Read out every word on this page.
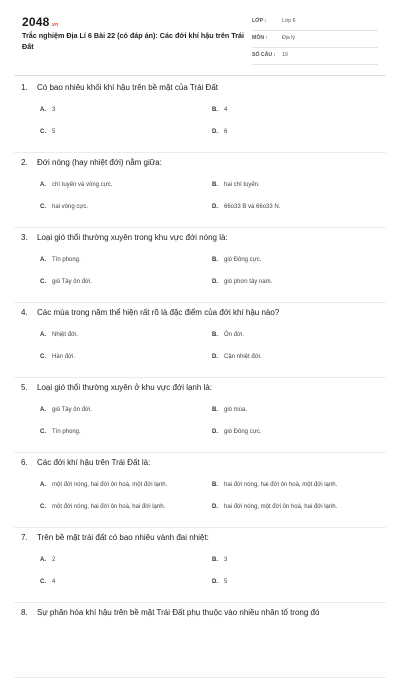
2048.vn
Trắc nghiệm Địa Lí 6 Bài 22 (có đáp án): Các đới khí hậu trên Trái Đất
LỚP :	Lớp 6
MÔN :	Địa lý
SỐ CÂU : 10
1. Có bao nhiêu khối khí hậu trên bề mặt của Trái Đất
A. 3	B. 4
C. 5	D. 6
2. Đới nóng (hay nhiệt đới) nằm giữa:
A. chí tuyến và vòng cực.	B. hai chí tuyến.
C. hai vòng cực.	D. 66o33 B và 66o33 N.
3. Loại gió thổi thường xuyên trong khu vực đới nóng là:
A. Tín phong.	B. gió Đông cực.
C. gió Tây ôn đới.	D. gió phơn tây nam.
4. Các mùa trong năm thể hiện rất rõ là đặc điểm của đới khí hậu nào?
A. Nhiệt đới.	B. Ôn đới.
C. Hàn đới.	D. Cận nhiệt đới.
5. Loại gió thổi thường xuyên ở khu vực đới lạnh là:
A. gió Tây ôn đới.	B. gió mùa.
C. Tín phong.	D. gió Đông cực.
6. Các đới khí hậu trên Trái Đất là:
A. một đới nóng, hai đới ôn hoà, một đới lạnh.	B. hai đới nóng, hai đới ôn hoà, một đới lạnh.
C. một đới nóng, hai đới ôn hoà, hai đới lạnh.	D. hai đới nóng, một đới ôn hoà, hai đới lạnh.
7. Trên bề mặt trái đất có bao nhiêu vành đai nhiệt:
A. 2	B. 3
C. 4	D. 5
8. Sự phân hóa khí hậu trên bề mặt Trái Đất phụ thuộc vào nhiều nhân tố trong đó
